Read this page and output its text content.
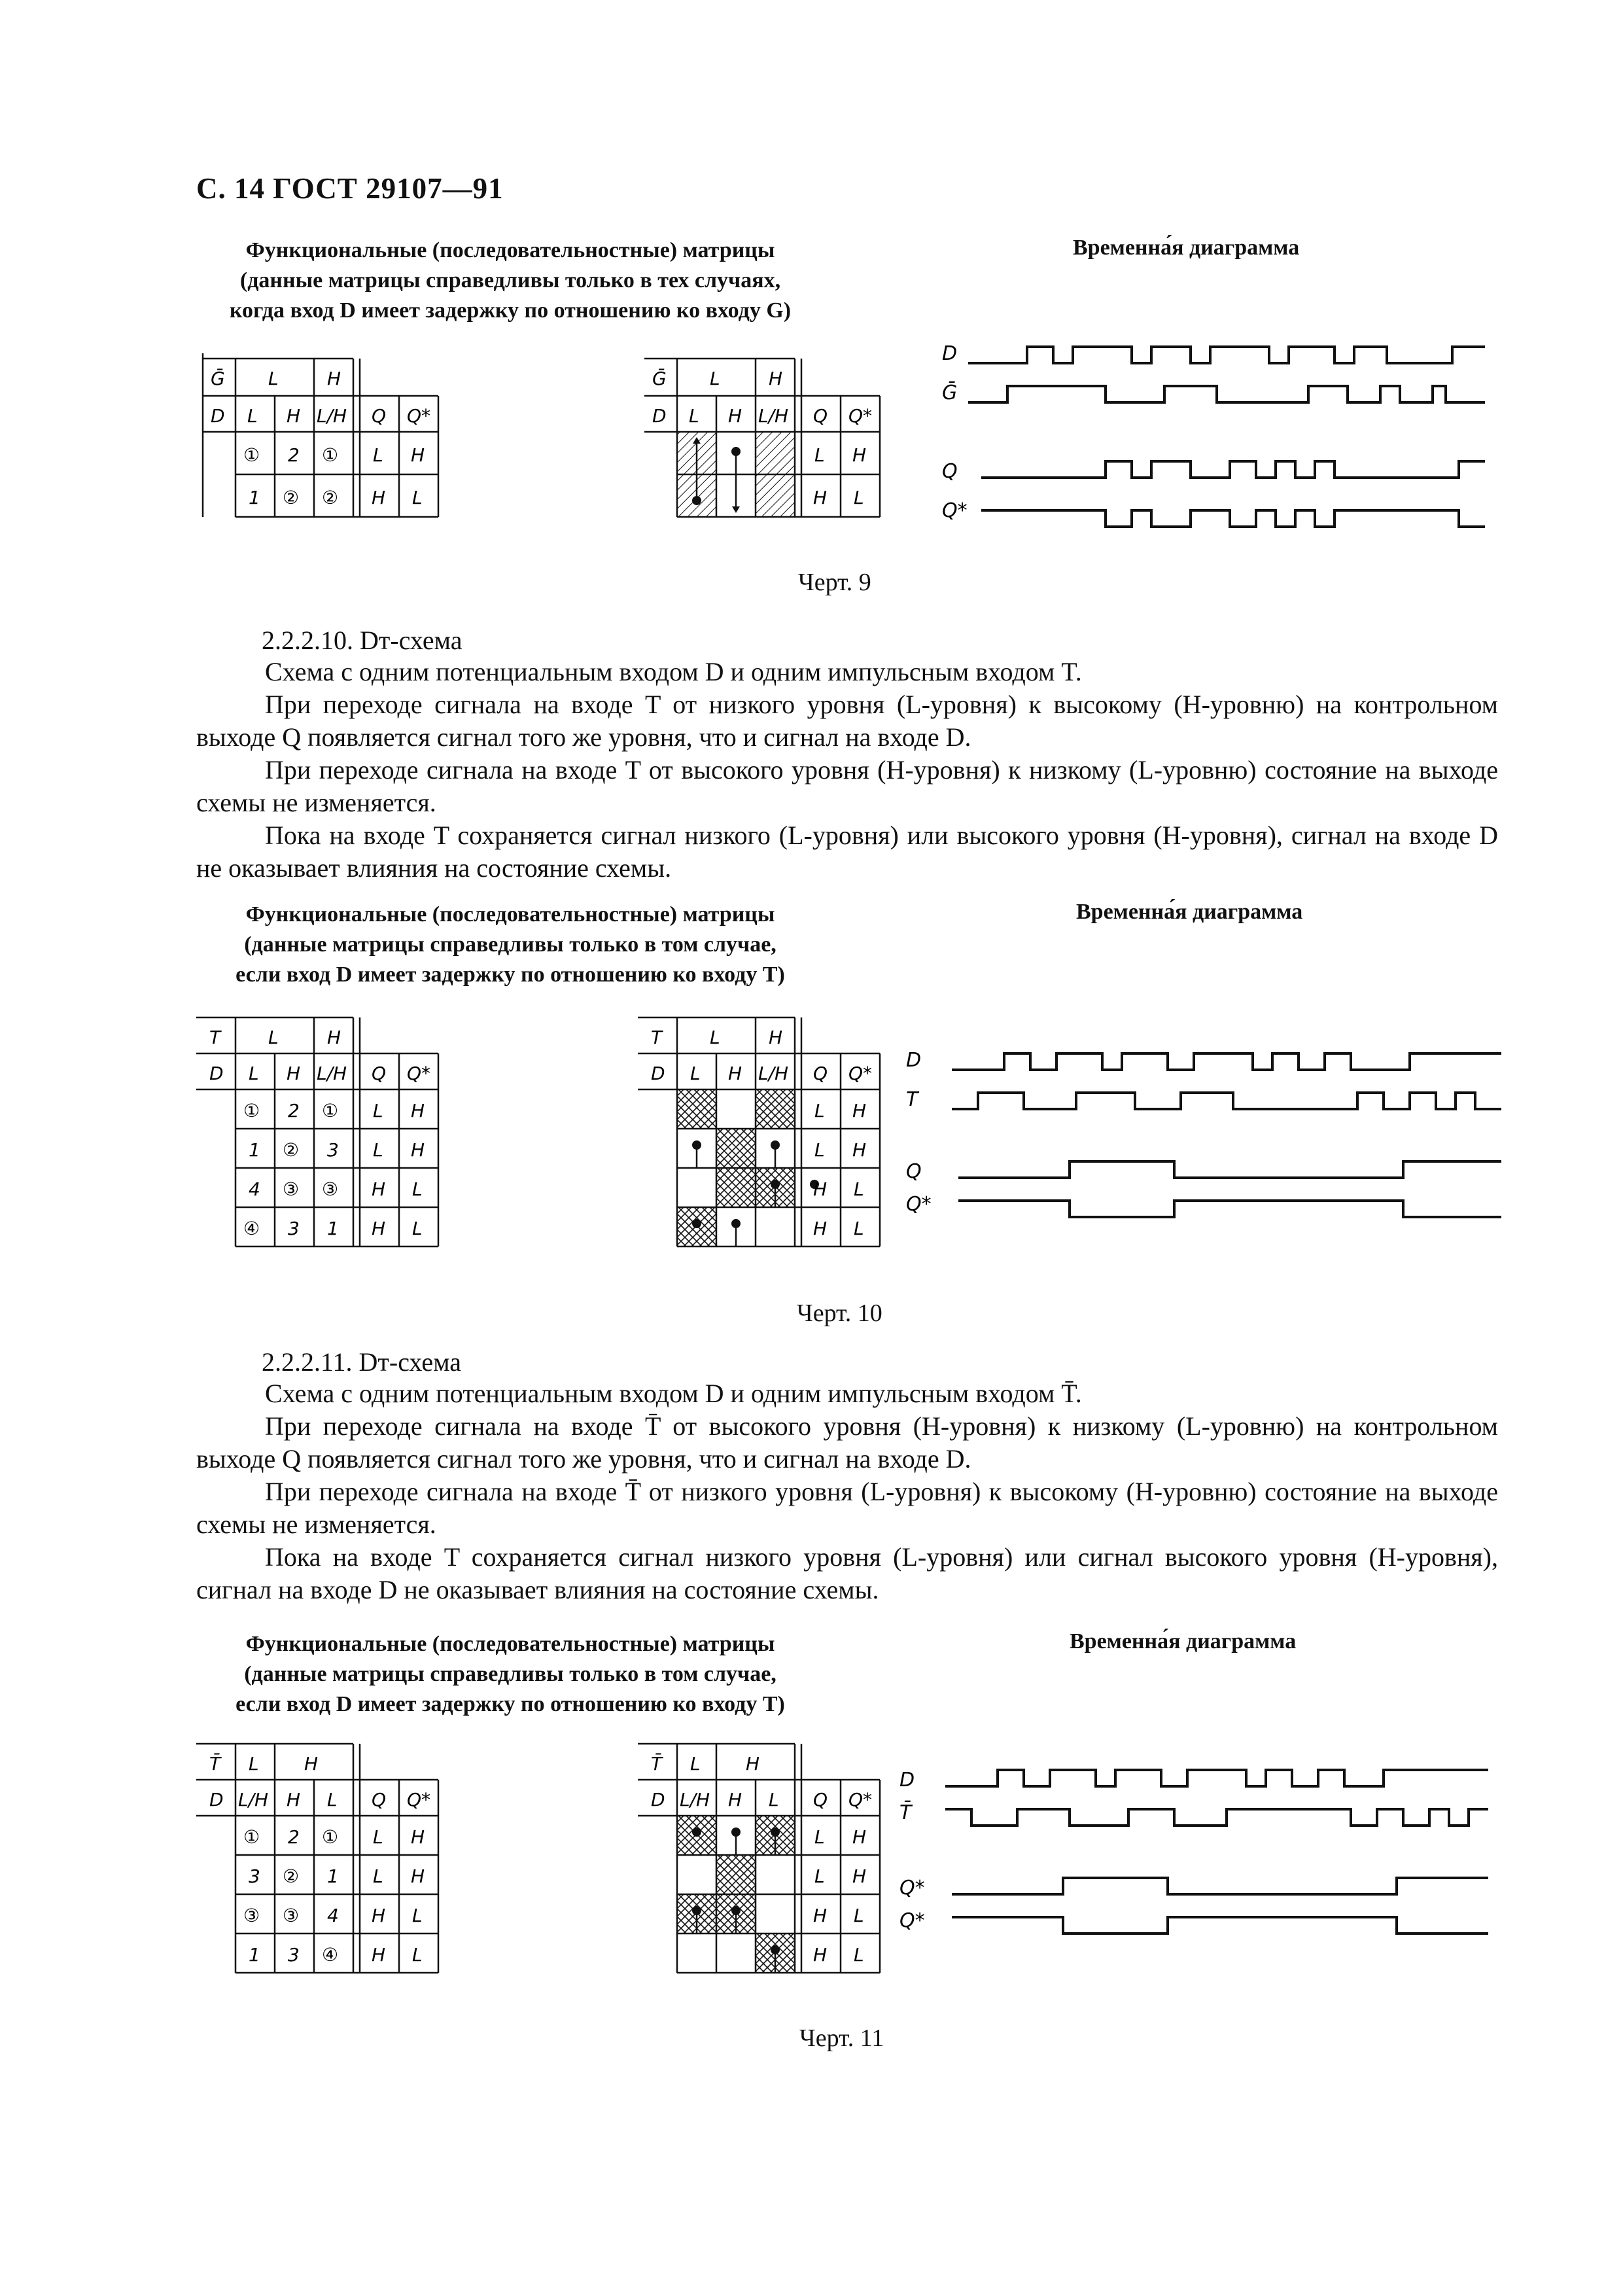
С. 14 ГОСТ 29107—91
Функциональные (последовательностные) матрицы
(данные матрицы справедливы только в тех случаях,
когда вход D имеет задержку по отношению ко входу G)
Временна́я диаграмма
Ḡ L	H
D L H L/H Q Q*
① 2 ① L H
1 ② ② H L
Ḡ L	H
D L H L/H Q Q*
L H
H L
D
Ḡ
Q
Q*
Черт. 9
2.2.2.10. Dт-схема

Схема с одним потенциальным входом D и одним импульсным входом T.

При переходе сигнала на входе T от низкого уровня (L-уровня) к высокому (H-уровню) на контрольном выходе Q появляется сигнал того же уровня, что и сигнал на входе D.

При переходе сигнала на входе T от высокого уровня (H-уровня) к низкому (L-уровню) состояние на выходе схемы не изменяется.

Пока на входе T сохраняется сигнал низкого (L-уровня) или высокого уровня (H-уровня), сигнал на входе D не оказывает влияния на состояние схемы.

Функциональные (последовательностные) матрицы
(данные матрицы справедливы только в том случае,
если вход D имеет задержку по отношению ко входу T)
Временна́я диаграмма
T	L	H
D L H L/H Q Q*
① 2 ① L H
1 ② 3 L H
4 ③ ③ H L
④ 3 1 H L
T	L	H
D L H L/H Q Q*
L H
L H
H L
H L
D
T
Q
Q*
Черт. 10
2.2.2.11. Dт-схема

Схема с одним потенциальным входом D и одним импульсным входом T̄.

При переходе сигнала на входе T̄ от высокого уровня (H-уровня) к низкому (L-уровню) на контрольном выходе Q появляется сигнал того же уровня, что и сигнал на входе D.

При переходе сигнала на входе T̄ от низкого уровня (L-уровня) к высокому (H-уровню) состояние на выходе схемы не изменяется.

Пока на входе T сохраняется сигнал низкого уровня (L-уровня) или сигнал высокого уровня (H-уровня), сигнал на входе D не оказывает влияния на состояние схемы.

Функциональные (последовательностные) матрицы
(данные матрицы справедливы только в том случае,
если вход D имеет задержку по отношению ко входу T)
Временна́я диаграмма
T̄ L H
D L/H H L Q Q*
① 2 ① L H
3 ② 1 L H
③ ③ 4 H L
1 3 ④ H L
T̄ L H
D L/H H L Q Q*
L H
L H
H L
H L
D
T̄
Q*
Q*
Черт. 11
